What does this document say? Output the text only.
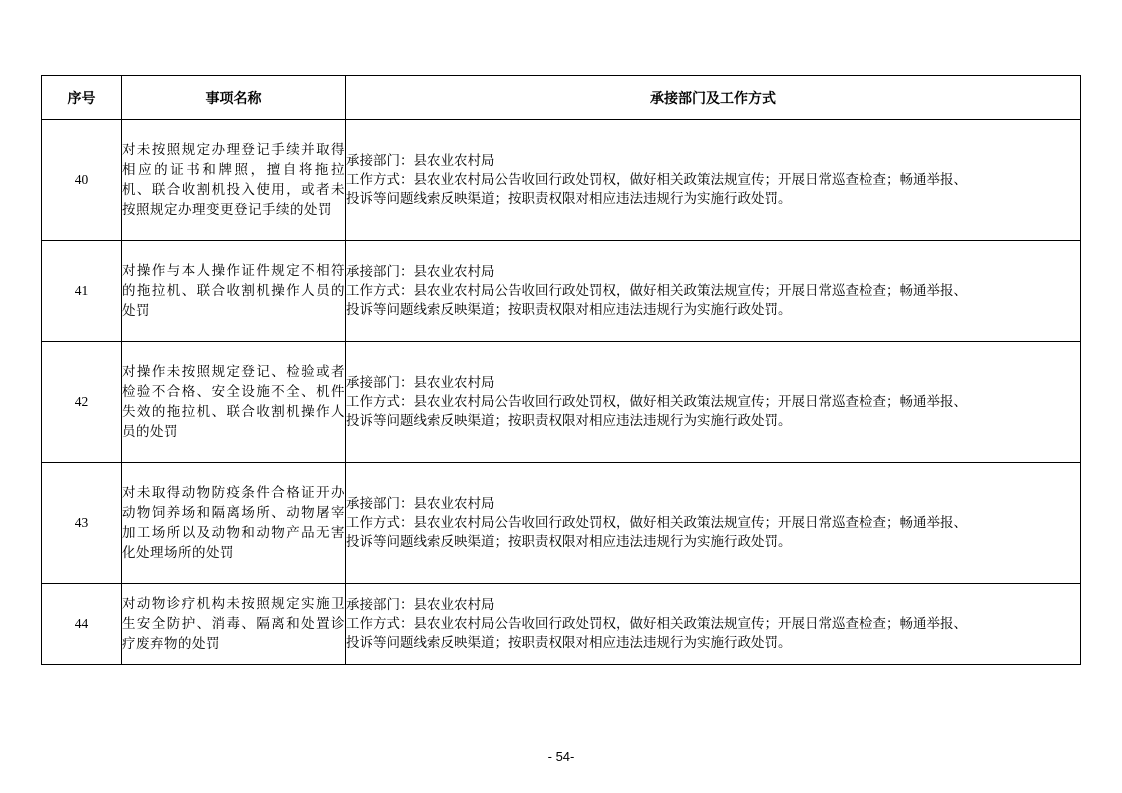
序号	事项名称	承接部门及工作方式
40	对未按照规定办理登记手续并取得相应的证书和牌照，擅自将拖拉机、联合收割机投入使用，或者未按照规定办理变更登记手续的处罚	承接部门：县农业农村局
工作方式：县农业农村局公告收回行政处罚权，做好相关政策法规宣传；开展日常巡查检查；畅通举报、
投诉等问题线索反映渠道；按职责权限对相应违法违规行为实施行政处罚。

41	对操作与本人操作证件规定不相符的拖拉机、联合收割机操作人员的处罚	承接部门：县农业农村局
工作方式：县农业农村局公告收回行政处罚权，做好相关政策法规宣传；开展日常巡查检查；畅通举报、
投诉等问题线索反映渠道；按职责权限对相应违法违规行为实施行政处罚。

42	对操作未按照规定登记、检验或者检验不合格、安全设施不全、机件失效的拖拉机、联合收割机操作人员的处罚	承接部门：县农业农村局
工作方式：县农业农村局公告收回行政处罚权，做好相关政策法规宣传；开展日常巡查检查；畅通举报、
投诉等问题线索反映渠道；按职责权限对相应违法违规行为实施行政处罚。

43	对未取得动物防疫条件合格证开办动物饲养场和隔离场所、动物屠宰加工场所以及动物和动物产品无害化处理场所的处罚	承接部门：县农业农村局
工作方式：县农业农村局公告收回行政处罚权，做好相关政策法规宣传；开展日常巡查检查；畅通举报、
投诉等问题线索反映渠道；按职责权限对相应违法违规行为实施行政处罚。

44	对动物诊疗机构未按照规定实施卫生安全防护、消毒、隔离和处置诊疗废弃物的处罚	承接部门：县农业农村局
工作方式：县农业农村局公告收回行政处罚权，做好相关政策法规宣传；开展日常巡查检查；畅通举报、
投诉等问题线索反映渠道；按职责权限对相应违法违规行为实施行政处罚。
- 54-
